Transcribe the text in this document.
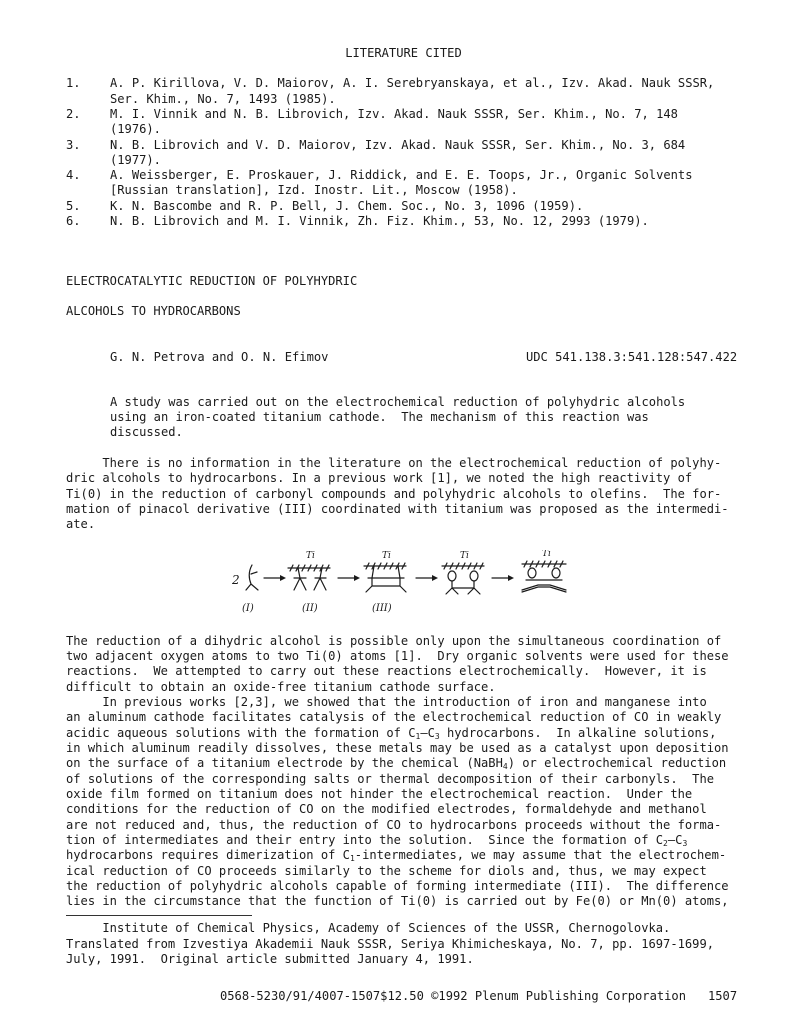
LITERATURE CITED
1. A. P. Kirillova, V. D. Maiorov, A. I. Serebryanskaya, et al., Izv. Akad. Nauk SSSR,
Ser. Khim., No. 7, 1493 (1985).
2. M. I. Vinnik and N. B. Librovich, Izv. Akad. Nauk SSSR, Ser. Khim., No. 7, 148
(1976).
3. N. B. Librovich and V. D. Maiorov, Izv. Akad. Nauk SSSR, Ser. Khim., No. 3, 684
(1977).
4. A. Weissberger, E. Proskauer, J. Riddick, and E. E. Toops, Jr., Organic Solvents
[Russian translation], Izd. Inostr. Lit., Moscow (1958).
5. K. N. Bascombe and R. P. Bell, J. Chem. Soc., No. 3, 1096 (1959).
6. N. B. Librovich and M. I. Vinnik, Zh. Fiz. Khim., 53, No. 12, 2993 (1979).
ELECTROCATALYTIC REDUCTION OF POLYHYDRIC
ALCOHOLS TO HYDROCARBONS
G. N. Petrova and O. N. Efimov	UDC 541.138.3:541.128:547.422
A study was carried out on the electrochemical reduction of polyhydric alcohols
using an iron-coated titanium cathode.  The mechanism of this reaction was
discussed.
There is no information in the literature on the electrochemical reduction of polyhy-
dric alcohols to hydrocarbons. In a previous work [1], we noted the high reactivity of
Ti(0) in the reduction of carbonyl compounds and polyhydric alcohols to olefins.  The for-
mation of pinacol derivative (III) coordinated with titanium was proposed as the intermedi-
ate.
2
Ti	Ti	Ti	Ti
(I)	(II)	(III)
The reduction of a dihydric alcohol is possible only upon the simultaneous coordination of
two adjacent oxygen atoms to two Ti(0) atoms [1].  Dry organic solvents were used for these
reactions.  We attempted to carry out these reactions electrochemically.  However, it is
difficult to obtain an oxide-free titanium cathode surface.
In previous works [2,3], we showed that the introduction of iron and manganese into
an aluminum cathode facilitates catalysis of the electrochemical reduction of CO in weakly
acidic aqueous solutions with the formation of $C_1-C_3$ hydrocarbons.  In alkaline solutions,
in which aluminum readily dissolves, these metals may be used as a catalyst upon deposition
on the surface of a titanium electrode by the chemical (NaBH$_4$) or electrochemical reduction
of solutions of the corresponding salts or thermal decomposition of their carbonyls.  The
oxide film formed on titanium does not hinder the electrochemical reaction.  Under the
conditions for the reduction of CO on the modified electrodes, formaldehyde and methanol
are not reduced and, thus, the reduction of CO to hydrocarbons proceeds without the forma-
tion of intermediates and their entry into the solution.  Since the formation of $C_2-C_3$
hydrocarbons requires dimerization of $C_1$-intermediates, we may assume that the electrochem-
ical reduction of CO proceeds similarly to the scheme for diols and, thus, we may expect
the reduction of polyhydric alcohols capable of forming intermediate (III).  The difference
lies in the circumstance that the function of Ti(0) is carried out by Fe(0) or Mn(0) atoms,
Institute of Chemical Physics, Academy of Sciences of the USSR, Chernogolovka.
Translated from Izvestiya Akademii Nauk SSSR, Seriya Khimicheskaya, No. 7, pp. 1697-1699,
July, 1991.  Original article submitted January 4, 1991.
0568-5230/91/4007-1507$12.50 ©1992 Plenum Publishing Corporation 1507
